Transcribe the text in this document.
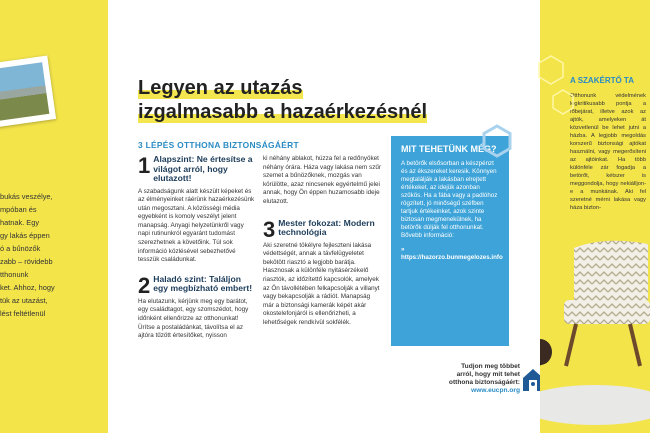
bukás veszélye,
mpóban és
hatnak. Egy
gy lakás éppen
ó a bűnözők
zabb – rövidebb
tthonunk
ket. Ahhoz, hogy
tük az utazást,
lést feltétlenül
Legyen az utazás
izgalmasabb a hazaérkezésnél
3 LÉPÉS OTTHONA BIZTONSÁGÁÉRT
1 Alapszint: Ne értesítse a világot arról, hogy elutazott!
A szabadságunk alatt készült képeket és az élményeinket ráérünk hazaérkezésünk után megosztani. A közösségi média egyebként is komoly veszélyt jelent manapság. Anyagi helyzetünkről vagy napi rutinunkról egyaránt tudomást szerezhetnek a követőink. Túl sok információ közlésével sebezhetővé tesszük családunkat.
2 Haladó szint: Találjon egy megbízható embert!
Ha elutazunk, kérjünk meg egy barátot, egy családtagot, egy szomszédot, hogy időnként ellenőrizze az otthonunkat! Ürítse a postaládánkat, távolítsa el az ajtóra tűzött értesítőket, nyisson
ki néhány ablakot, húzza fel a redőnyöket néhány órára. Háza vagy lakása nem szűr szemet a bűnözőknek, mozgás van körülötte, azaz nincsenek egyértelmű jelei annak, hogy Ön éppen huzamosabb ideje elutazott.
3 Mester fokozat: Modern technológia
Aki szeretné tökélyre fejleszteni lakása védettségét, annak a távfelügyeletet bekötött riasztó a legjobb barátja. Hasznosak a különféle nyitásérzékelő riasztók, az időzítettő kapcsolók, amelyek az Ön távollétében felkapcsolják a villanyt vagy bekapcsolják a rádiót. Manapság már a biztonsági kamerák képét akár okostelefonjáról is ellenőrizheti, a lehetőségek rendkívül sokfélék.
MIT TEHETÜNK MÉG?
A betörők elsősorban a készpénzt és az ékszereket keresik. Könnyen megtalálják a lakásban elrejtett értékeket, az idejük azonban szűkös. Ha a fába vagy a padlóhoz rögzített, jó minőségű széfben tartjuk értékeinket, azok szinte biztosan megmenekülnek, ha betörők dúlják fel otthonunkat. Bővebb információ:
» https://hazorzo.bunmegelozes.info
Tudjon meg többet
arról, hogy mit tehet
otthona biztonságáért:
www.eucpn.org
A SZAKÉRTŐ TA
Otthonunk védelmének legkritikusabb pontja a főbejárat, illetve azok az ajtók, amelyeken át közvetlenül be lehet jutni a házba. A legjobb megoldás korszerű biztonsági ajtókat használni, vagy megerősíteni az ajtóinkat. Ha több különféle zár fogadja a betörőt, kétszer is meggondolja, hogy nekiálljon-e a munkának. Aki fel szeretné mérni lakása vagy háza bizton-
